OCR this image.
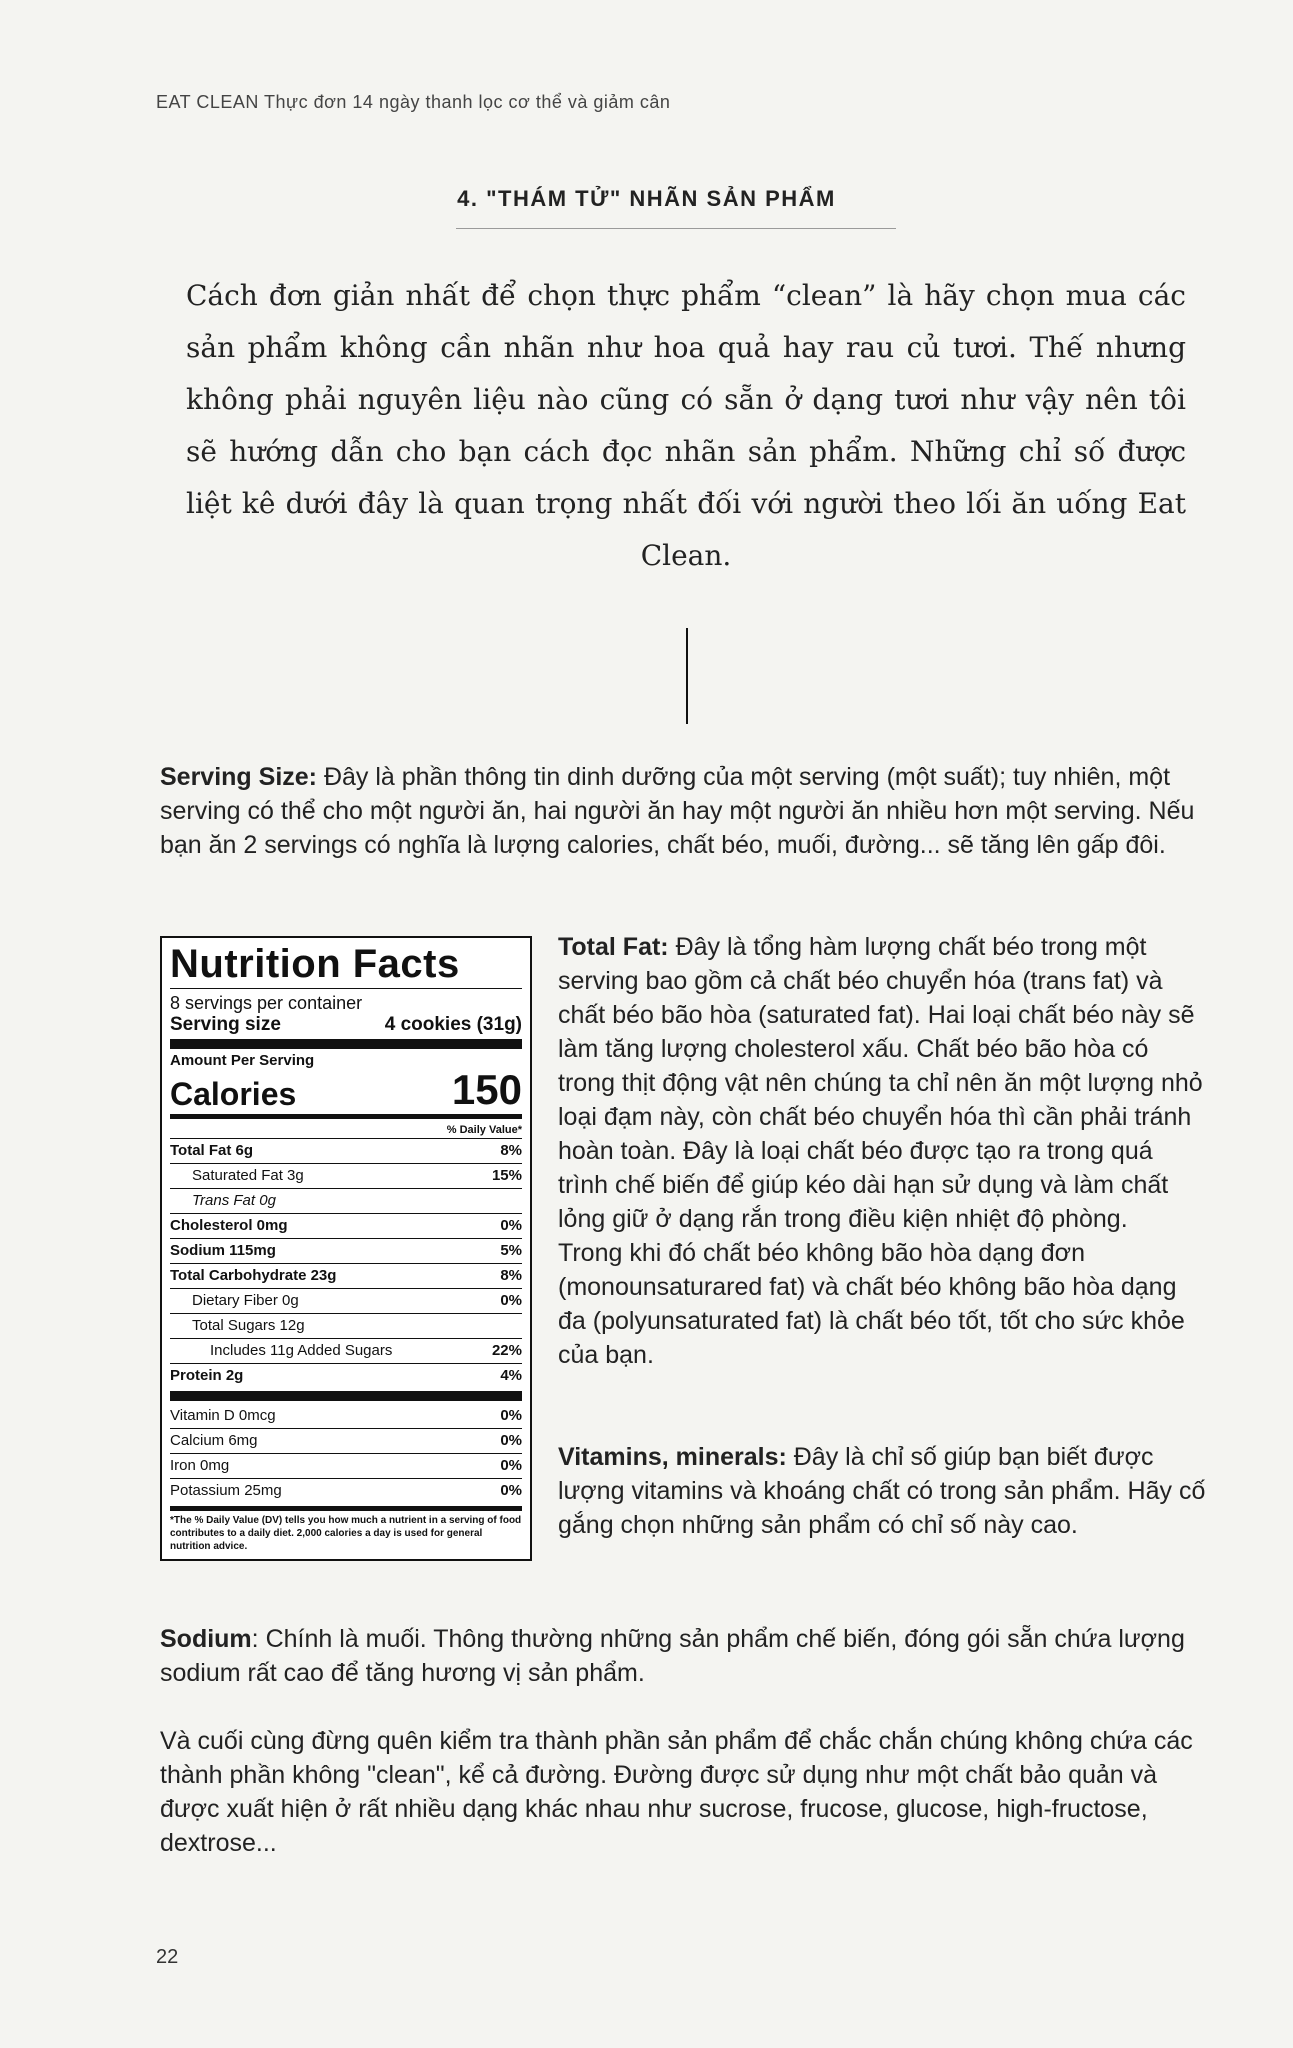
EAT CLEAN Thực đơn 14 ngày thanh lọc cơ thể và giảm cân
4. "THÁM TỬ" NHÃN SẢN PHẨM
Cách đơn giản nhất để chọn thực phẩm “clean” là hãy chọn mua các sản phẩm không cần nhãn như hoa quả hay rau củ tươi. Thế nhưng không phải nguyên liệu nào cũng có sẵn ở dạng tươi như vậy nên tôi sẽ hướng dẫn cho bạn cách đọc nhãn sản phẩm. Những chỉ số được liệt kê dưới đây là quan trọng nhất đối với người theo lối ăn uống Eat Clean.
Serving Size: Đây là phần thông tin dinh dưỡng của một serving (một suất); tuy nhiên, một serving có thể cho một người ăn, hai người ăn hay một người ăn nhiều hơn một serving. Nếu bạn ăn 2 servings có nghĩa là lượng calories, chất béo, muối, đường... sẽ tăng lên gấp đôi.
Nutrition Facts
8 servings per container
Serving size	4 cookies (31g)
Amount Per Serving
Calories	150
% Daily Value*
Total Fat 6g	8%
Saturated Fat 3g	15%
Trans Fat 0g
Cholesterol 0mg	0%
Sodium 115mg	5%
Total Carbohydrate 23g	8%
Dietary Fiber 0g	0%
Total Sugars 12g
Includes 11g Added Sugars	22%
Protein 2g	4%
Vitamin D 0mcg	0%
Calcium 6mg	0%
Iron 0mg	0%
Potassium 25mg	0%
*The % Daily Value (DV) tells you how much a nutrient in a serving of food contributes to a daily diet. 2,000 calories a day is used for general nutrition advice.
Total Fat: Đây là tổng hàm lượng chất béo trong một serving bao gồm cả chất béo chuyển hóa (trans fat) và chất béo bão hòa (saturated fat). Hai loại chất béo này sẽ làm tăng lượng cholesterol xấu. Chất béo bão hòa có trong thịt động vật nên chúng ta chỉ nên ăn một lượng nhỏ loại đạm này, còn chất béo chuyển hóa thì cần phải tránh hoàn toàn. Đây là loại chất béo được tạo ra trong quá trình chế biến để giúp kéo dài hạn sử dụng và làm chất lỏng giữ ở dạng rắn trong điều kiện nhiệt độ phòng.
Trong khi đó chất béo không bão hòa dạng đơn (monounsaturared fat) và chất béo không bão hòa dạng đa (polyunsaturated fat) là chất béo tốt, tốt cho sức khỏe của bạn.
Vitamins, minerals: Đây là chỉ số giúp bạn biết được lượng vitamins và khoáng chất có trong sản phẩm. Hãy cố gắng chọn những sản phẩm có chỉ số này cao.
Sodium: Chính là muối. Thông thường những sản phẩm chế biến, đóng gói sẵn chứa lượng sodium rất cao để tăng hương vị sản phẩm.
Và cuối cùng đừng quên kiểm tra thành phần sản phẩm để chắc chắn chúng không chứa các thành phần không "clean", kể cả đường. Đường được sử dụng như một chất bảo quản và được xuất hiện ở rất nhiều dạng khác nhau như sucrose, frucose, glucose, high-fructose, dextrose...
22
